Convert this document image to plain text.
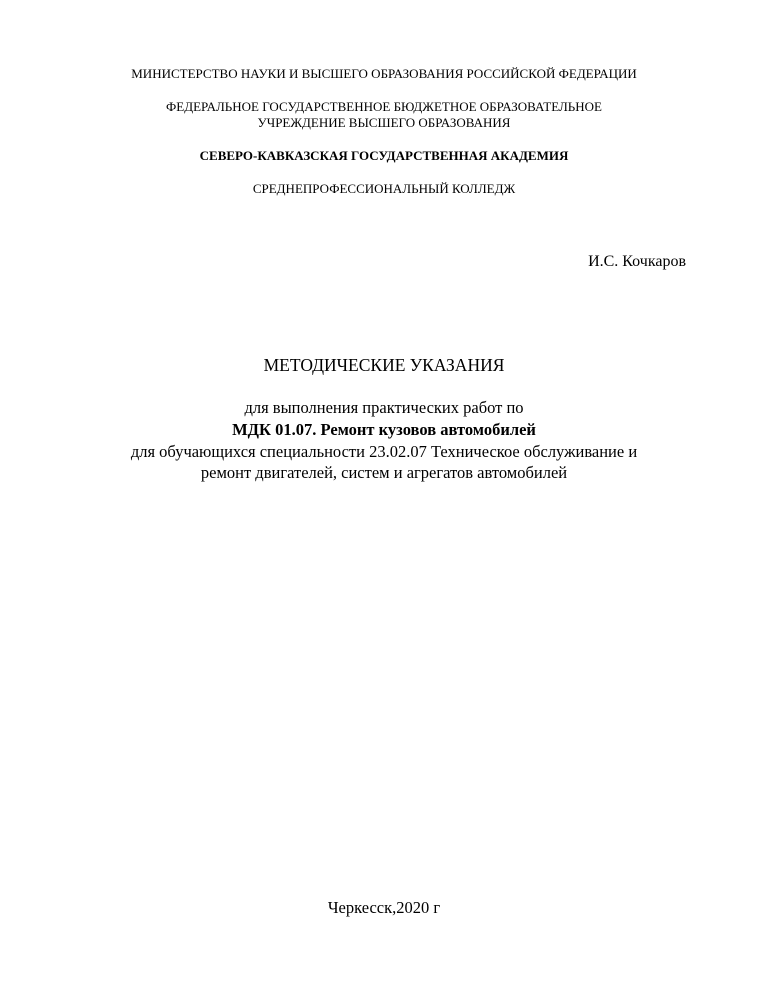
МИНИСТЕРСТВО НАУКИ И ВЫСШЕГО ОБРАЗОВАНИЯ РОССИЙСКОЙ ФЕДЕРАЦИИ
ФЕДЕРАЛЬНОЕ ГОСУДАРСТВЕННОЕ БЮДЖЕТНОЕ ОБРАЗОВАТЕЛЬНОЕ
УЧРЕЖДЕНИЕ ВЫСШЕГО ОБРАЗОВАНИЯ
СЕВЕРО-КАВКАЗСКАЯ ГОСУДАРСТВЕННАЯ АКАДЕМИЯ
СРЕДНЕПРОФЕССИОНАЛЬНЫЙ КОЛЛЕДЖ
И.С. Кочкаров
МЕТОДИЧЕСКИЕ УКАЗАНИЯ
для выполнения практических работ по
МДК 01.07. Ремонт кузовов автомобилей
для обучающихся специальности 23.02.07 Техническое обслуживание и
ремонт двигателей, систем и агрегатов автомобилей
Черкесск,2020 г
